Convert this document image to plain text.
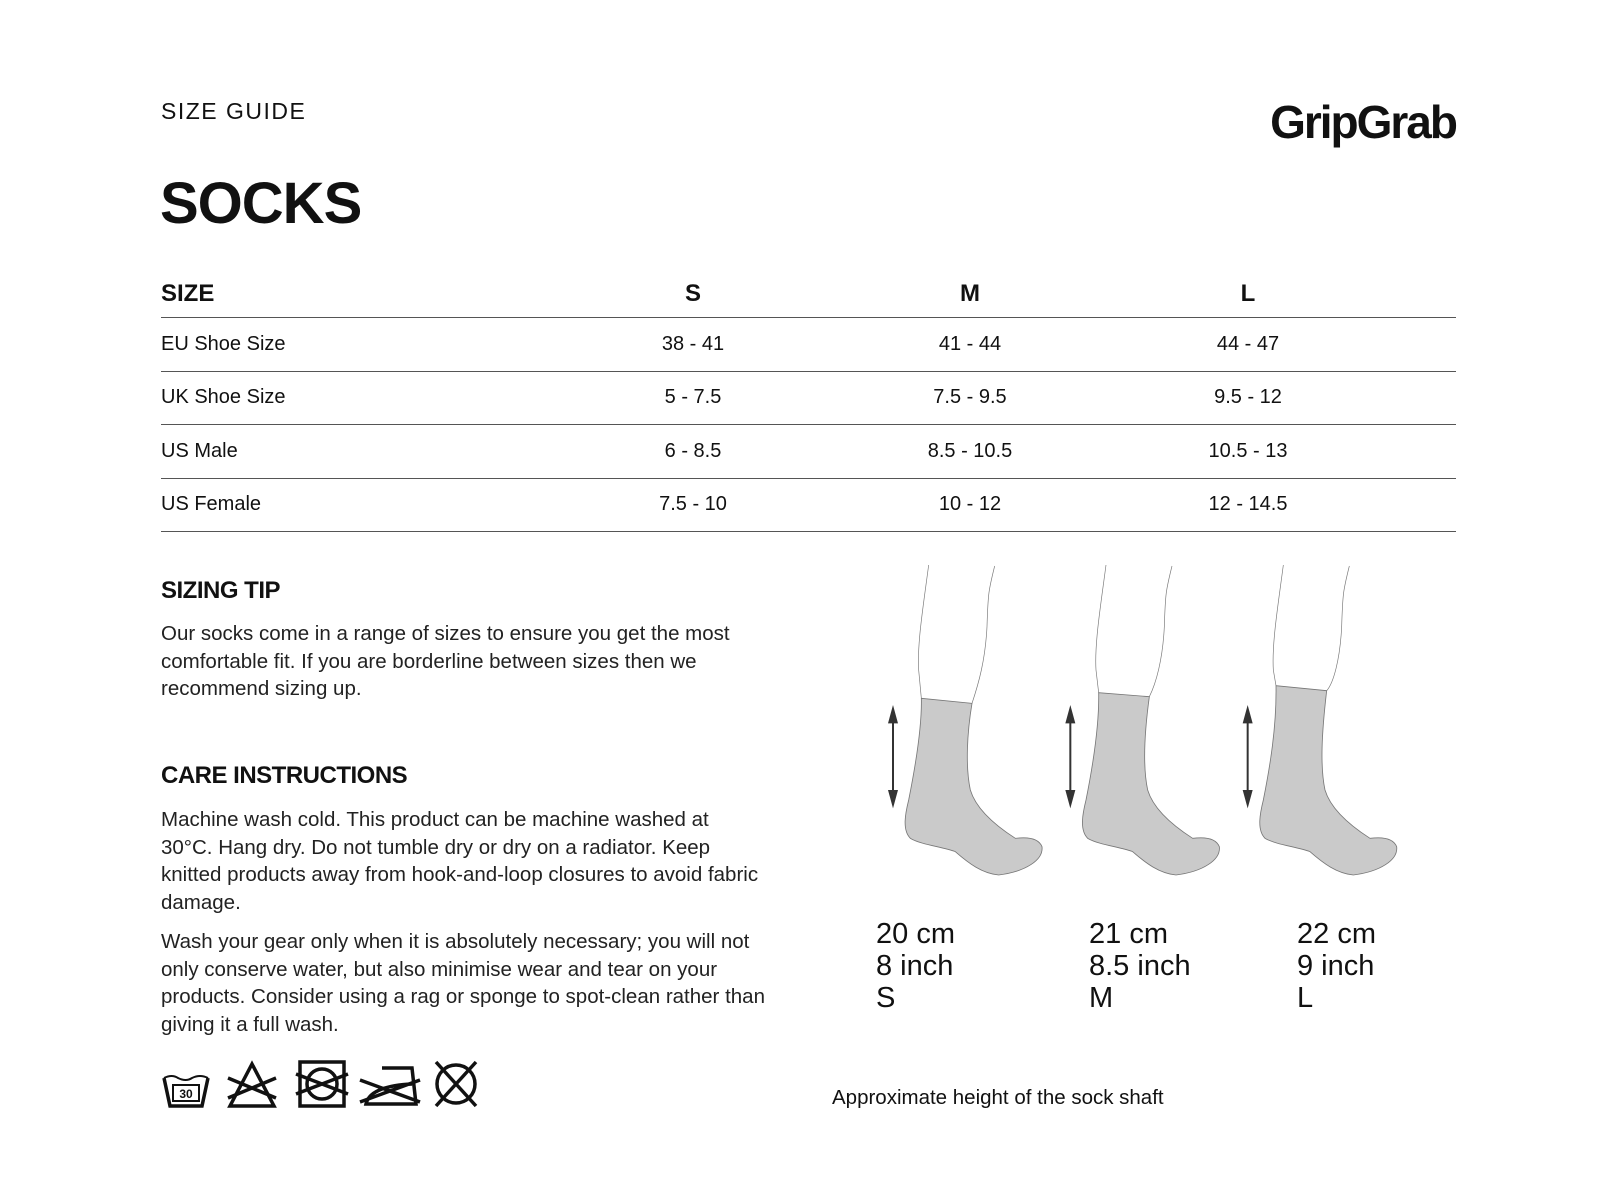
SIZE GUIDE	GripGrab
SOCKS
SIZE	S	M	L
EU Shoe Size	38 - 41	41 - 44	44 - 47
UK Shoe Size	5 - 7.5	7.5 - 9.5	9.5 - 12
US Male	6 - 8.5	8.5 - 10.5	10.5 - 13
US Female	7.5 - 10	10 - 12	12 - 14.5
SIZING TIP
Our socks come in a range of sizes to ensure you get the most comfortable fit. If you are borderline between sizes then we recommend sizing up.
CARE INSTRUCTIONS
Machine wash cold. This product can be machine washed at 30°C. Hang dry. Do not tumble dry or dry on a radiator. Keep knitted products away from hook-and-loop closures to avoid fabric damage.
Wash your gear only when it is absolutely necessary; you will not only conserve water, but also minimise wear and tear on your products. Consider using a rag or sponge to spot-clean rather than giving it a full wash.
30
20 cm
8 inch
S
21 cm
8.5 inch
M
22 cm
9 inch
L
Approximate height of the sock shaft
